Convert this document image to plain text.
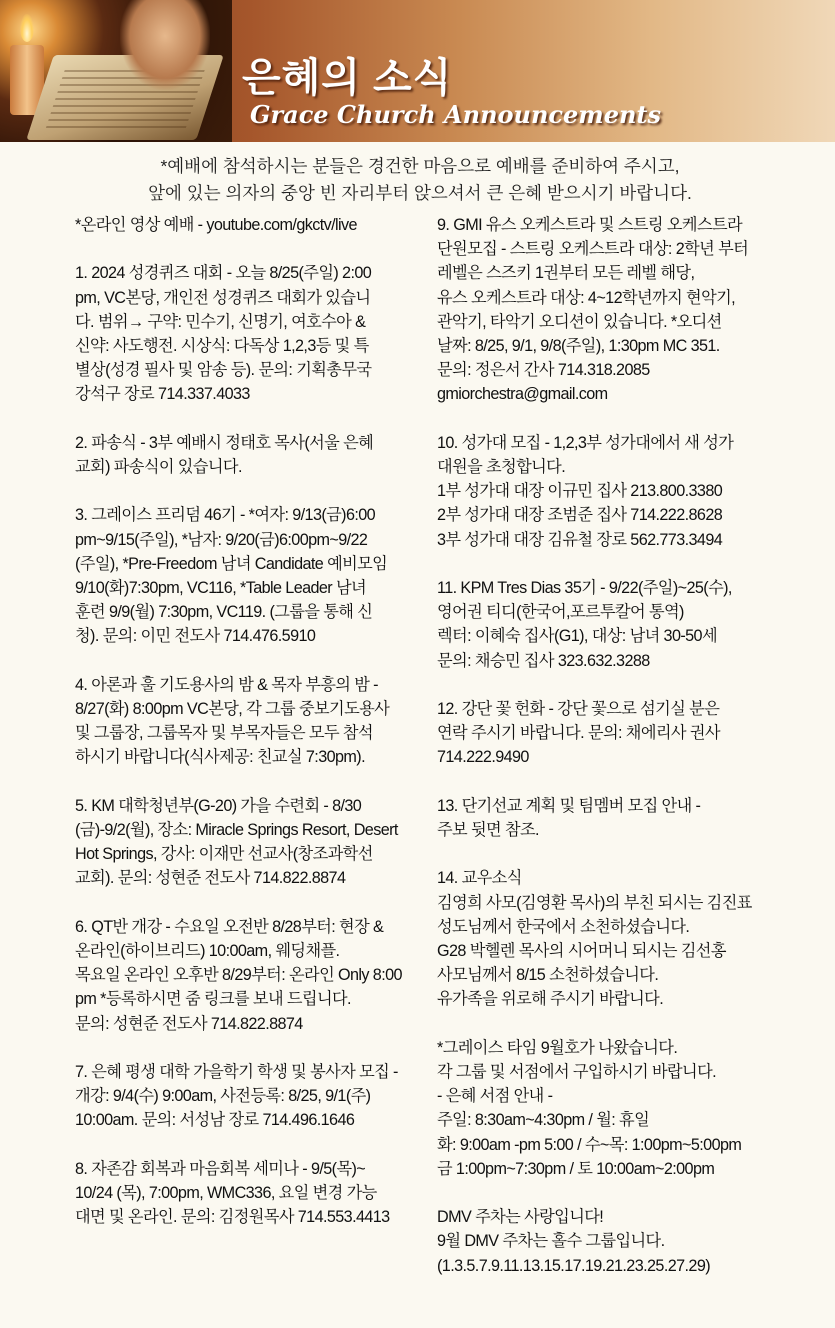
은혜의 소식
Grace Church Announcements
*예배에 참석하시는 분들은 경건한 마음으로 예배를 준비하여 주시고,
앞에 있는 의자의 중앙 빈 자리부터 앉으셔서 큰 은혜 받으시기 바랍니다.
*온라인 영상 예배 - youtube.com/gkctv/live
1. 2024 성경퀴즈 대회 - 오늘 8/25(주일) 2:00
pm, VC본당, 개인전 성경퀴즈 대회가 있습니
다. 범위→ 구약: 민수기, 신명기, 여호수아 &
신약: 사도행전. 시상식: 다독상 1,2,3등 및 특
별상(성경 필사 및 암송 등). 문의: 기획총무국
강석구 장로 714.337.4033
2. 파송식 - 3부 예배시 정태호 목사(서울 은혜
교회) 파송식이 있습니다.
3. 그레이스 프리덤 46기 - *여자: 9/13(금)6:00
pm~9/15(주일), *남자: 9/20(금)6:00pm~9/22
(주일), *Pre-Freedom 남녀 Candidate 예비모임
9/10(화)7:30pm, VC116, *Table Leader 남녀
훈련 9/9(월) 7:30pm, VC119. (그룹을 통해 신
청). 문의: 이민 전도사 714.476.5910
4. 아론과 훌 기도용사의 밤 & 목자 부흥의 밤 -
8/27(화) 8:00pm VC본당, 각 그룹 중보기도용사
및 그룹장, 그룹목자 및 부목자들은 모두 참석
하시기 바랍니다(식사제공: 친교실 7:30pm).
5. KM 대학청년부(G-20) 가을 수련회 - 8/30
(금)-9/2(월), 장소: Miracle Springs Resort, Desert
Hot Springs, 강사: 이재만 선교사(창조과학선
교회). 문의: 성현준 전도사 714.822.8874
6. QT반 개강 - 수요일 오전반 8/28부터: 현장 &
온라인(하이브리드) 10:00am, 웨딩채플.
목요일 온라인 오후반 8/29부터: 온라인 Only 8:00
pm *등록하시면 줌 링크를 보내 드립니다.
문의: 성현준 전도사 714.822.8874
7. 은혜 평생 대학 가을학기 학생 및 봉사자 모집 -
개강: 9/4(수) 9:00am, 사전등록: 8/25, 9/1(주)
10:00am. 문의: 서성남 장로 714.496.1646
8. 자존감 회복과 마음회복 세미나 - 9/5(목)~
10/24 (목), 7:00pm, WMC336, 요일 변경 가능
대면 및 온라인. 문의: 김정원목사 714.553.4413
9. GMI 유스 오케스트라 및 스트링 오케스트라
단원모집 - 스트링 오케스트라 대상: 2학년 부터
레벨은 스즈키 1권부터 모든 레벨 해당,
유스 오케스트라 대상: 4~12학년까지 현악기,
관악기, 타악기 오디션이 있습니다. *오디션
날짜: 8/25, 9/1, 9/8(주일), 1:30pm MC 351.
문의: 정은서 간사 714.318.2085
gmiorchestra@gmail.com
10. 성가대 모집 - 1,2,3부 성가대에서 새 성가
대원을 초청합니다.
1부 성가대 대장 이규민 집사 213.800.3380
2부 성가대 대장 조범준 집사 714.222.8628
3부 성가대 대장 김유철 장로 562.773.3494
11. KPM Tres Dias 35기 - 9/22(주일)~25(수),
영어권 티디(한국어,포르투칼어 통역)
렉터: 이혜숙 집사(G1), 대상: 남녀 30-50세
문의: 채승민 집사 323.632.3288
12. 강단 꽃 헌화 - 강단 꽃으로 섬기실 분은
연락 주시기 바랍니다. 문의: 채에리사 권사
714.222.9490
13. 단기선교 계획 및 팀멤버 모집 안내 -
주보 뒷면 참조.
14. 교우소식
김영희 사모(김영환 목사)의 부친 되시는 김진표
성도님께서 한국에서 소천하셨습니다.
G28 박헬렌 목사의 시어머니 되시는 김선홍
사모님께서 8/15 소천하셨습니다.
유가족을 위로해 주시기 바랍니다.
*그레이스 타임 9월호가 나왔습니다.
각 그룹 및 서점에서 구입하시기 바랍니다.
- 은혜 서점 안내 -
주일: 8:30am~4:30pm / 월: 휴일
화: 9:00am -pm 5:00 / 수~목: 1:00pm~5:00pm
금 1:00pm~7:30pm / 토 10:00am~2:00pm
DMV 주차는 사랑입니다!
9월 DMV 주차는 홀수 그룹입니다.
(1.3.5.7.9.11.13.15.17.19.21.23.25.27.29)
